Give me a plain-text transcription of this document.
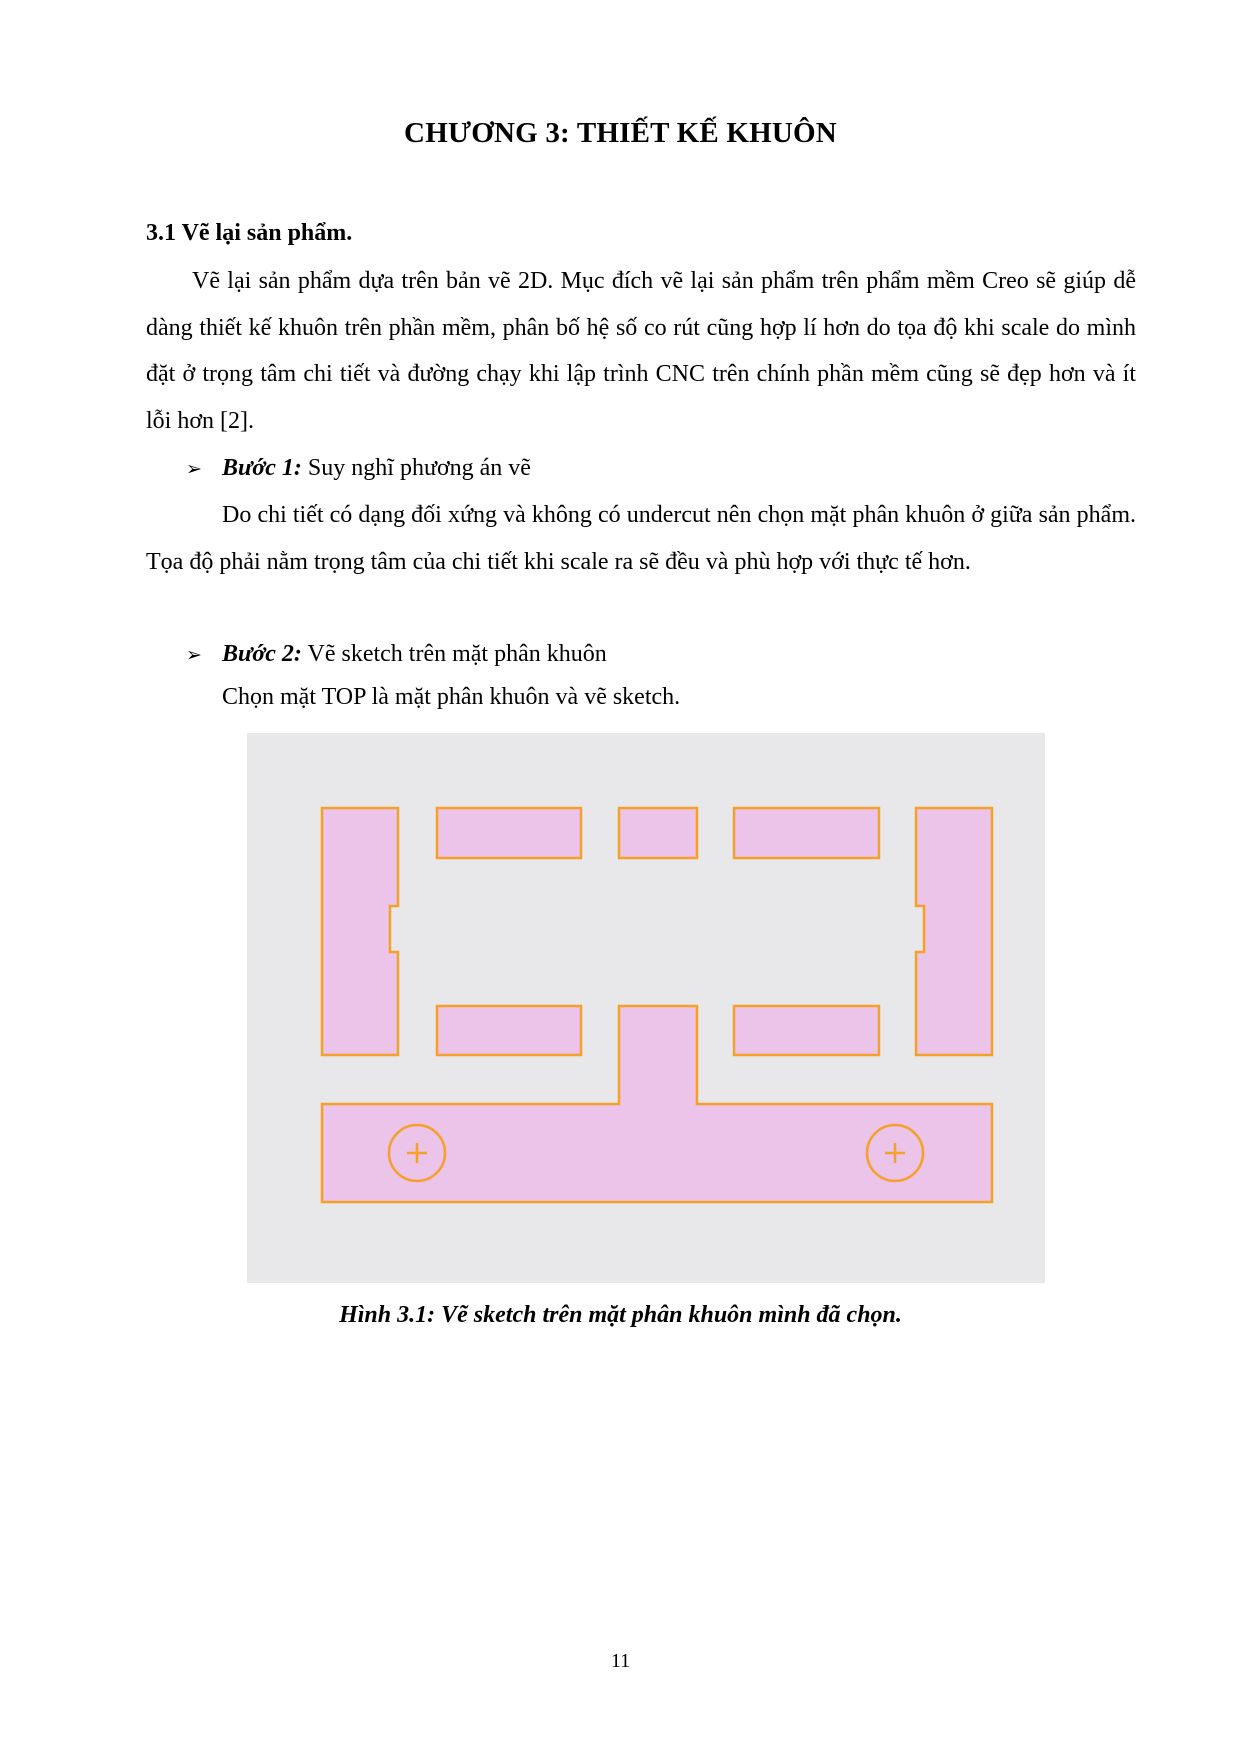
CHƯƠNG 3: THIẾT KẾ KHUÔN
3.1 Vẽ lại sản phẩm.

Vẽ lại sản phẩm dựa trên bản vẽ 2D. Mục đích vẽ lại sản phẩm trên phẩm mềm Creo sẽ giúp dễ dàng thiết kế khuôn trên phần mềm, phân bố hệ số co rút cũng hợp lí hơn do tọa độ khi scale do mình đặt ở trọng tâm chi tiết và đường chạy khi lập trình CNC trên chính phần mềm cũng sẽ đẹp hơn và ít lỗi hơn [2].

➢ Bước 1: Suy nghĩ phương án vẽ

Do chi tiết có dạng đối xứng và không có undercut nên chọn mặt phân khuôn ở giữa sản phẩm. Tọa độ phải nằm trọng tâm của chi tiết khi scale ra sẽ đều và phù hợp với thực tế hơn.

➢ Bước 2: Vẽ sketch trên mặt phân khuôn
Chọn mặt TOP là mặt phân khuôn và vẽ sketch.
Hình 3.1: Vẽ sketch trên mặt phân khuôn mình đã chọn.
11
